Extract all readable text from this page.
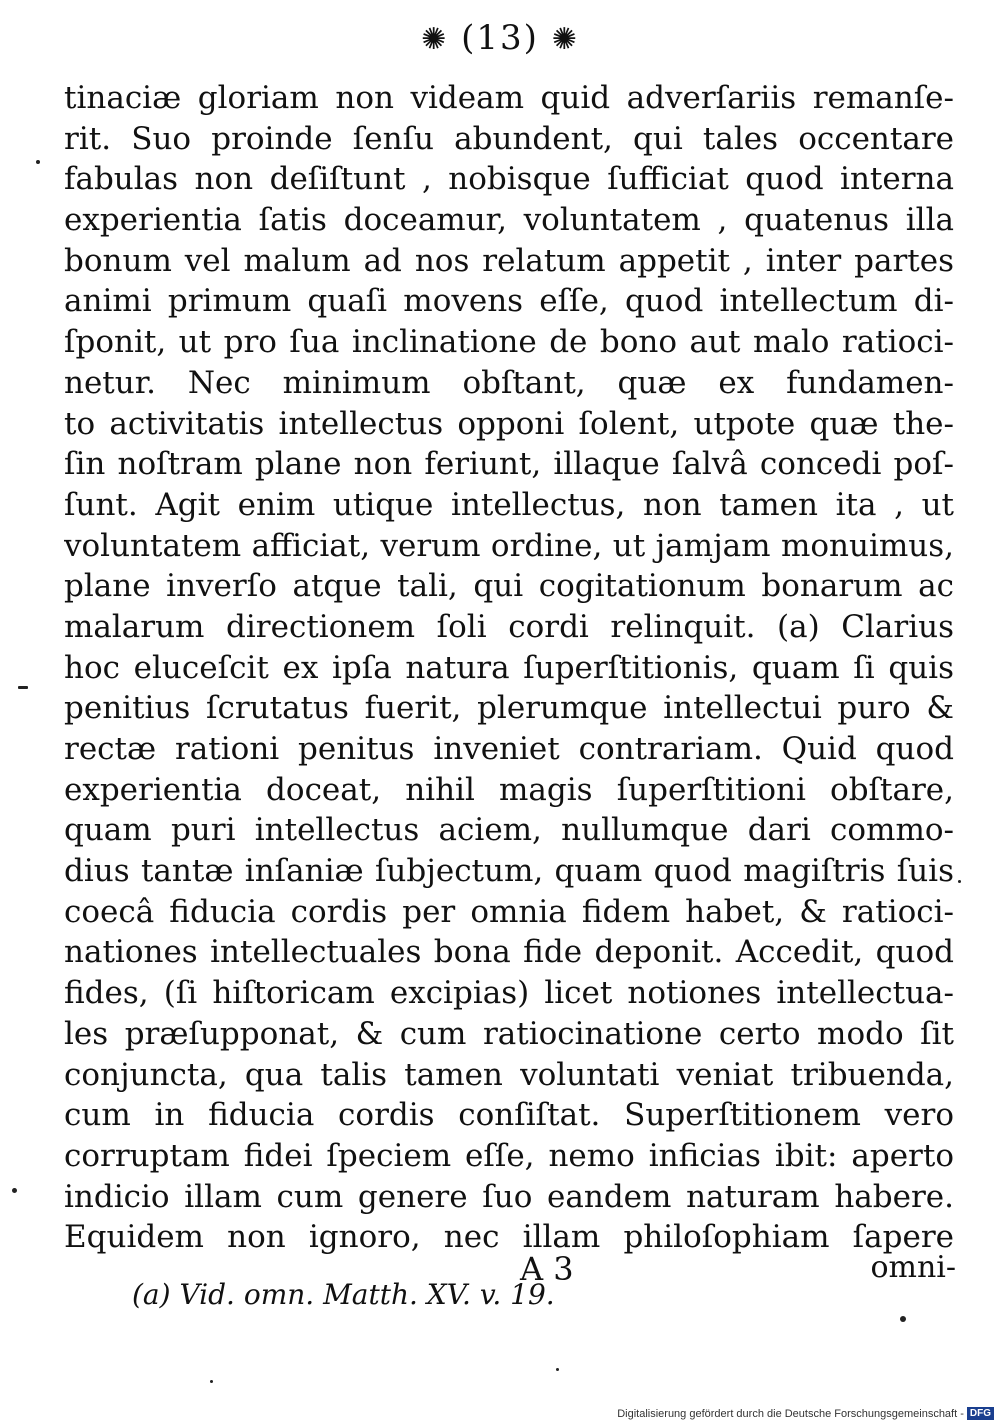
✺ (13) ✺
tinaciæ gloriam non videam quid adverſariis remanſe-
rit. Suo proinde ſenſu abundent, qui tales occentare
fabulas non deſiſtunt , nobisque ſufficiat quod interna
experientia ſatis doceamur, voluntatem , quatenus illa
bonum vel malum ad nos relatum appetit , inter partes
animi primum quaſi movens eſſe, quod intellectum di-
ſponit, ut pro ſua inclinatione de bono aut malo ratioci-
netur. Nec minimum obſtant, quæ ex fundamen-
to activitatis intellectus opponi ſolent, utpote quæ the-
ſin noſtram plane non feriunt, illaque ſalvâ concedi poſ-
ſunt. Agit enim utique intellectus, non tamen ita , ut
voluntatem afficiat, verum ordine, ut jamjam monuimus,
plane inverſo atque tali, qui cogitationum bonarum ac
malarum directionem ſoli cordi relinquit. (a) Clarius
hoc eluceſcit ex ipſa natura ſuperſtitionis, quam ſi quis
penitius ſcrutatus fuerit, plerumque intellectui puro &
rectæ rationi penitus inveniet contrariam. Quid quod
experientia doceat, nihil magis ſuperſtitioni obſtare,
quam puri intellectus aciem, nullumque dari commo-
dius tantæ inſaniæ ſubjectum, quam quod magiſtris ſuis
coecâ fiducia cordis per omnia fidem habet, & ratioci-
nationes intellectuales bona fide deponit. Accedit, quod
fides, (ſi hiſtoricam excipias) licet notiones intellectua-
les præſupponat, & cum ratiocinatione certo modo ſit
conjuncta, qua talis tamen voluntati veniat tribuenda,
cum in fiducia cordis conſiſtat. Superſtitionem vero
corruptam fidei ſpeciem eſſe, nemo inficias ibit: aperto
indicio illam cum genere ſuo eandem naturam habere.
Equidem non ignoro, nec illam philoſophiam ſapere
A 3	omni-
(a) Vid. omn. Matth. XV. v. 19.
Digitalisierung gefördert durch die Deutsche Forschungsgemeinschaft - DFG
